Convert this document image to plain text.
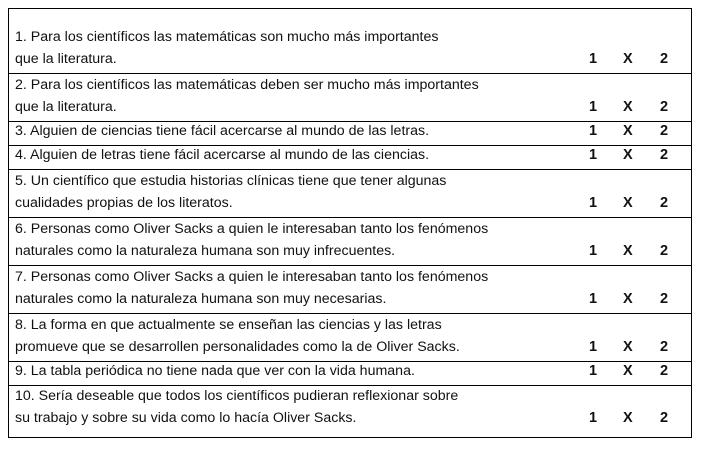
1. Para los científicos las matemáticas son mucho más importantes
que la literatura.	1 X 2
2. Para los científicos las matemáticas deben ser mucho más importantes
que la literatura.	1 X 2
3. Alguien de ciencias tiene fácil acercarse al mundo de las letras.	1 X 2
4. Alguien de letras tiene fácil acercarse al mundo de las ciencias.	1 X 2
5. Un científico que estudia historias clínicas tiene que tener algunas
cualidades propias de los literatos.	1 X 2
6. Personas como Oliver Sacks a quien le interesaban tanto los fenómenos
naturales como la naturaleza humana son muy infrecuentes.	1 X 2
7. Personas como Oliver Sacks a quien le interesaban tanto los fenómenos
naturales como la naturaleza humana son muy necesarias.	1 X 2
8. La forma en que actualmente se enseñan las ciencias y las letras
promueve que se desarrollen personalidades como la de Oliver Sacks.	1 X 2
9. La tabla periódica no tiene nada que ver con la vida humana.	1 X 2
10. Sería deseable que todos los científicos pudieran reflexionar sobre
su trabajo y sobre su vida como lo hacía Oliver Sacks.	1 X 2
